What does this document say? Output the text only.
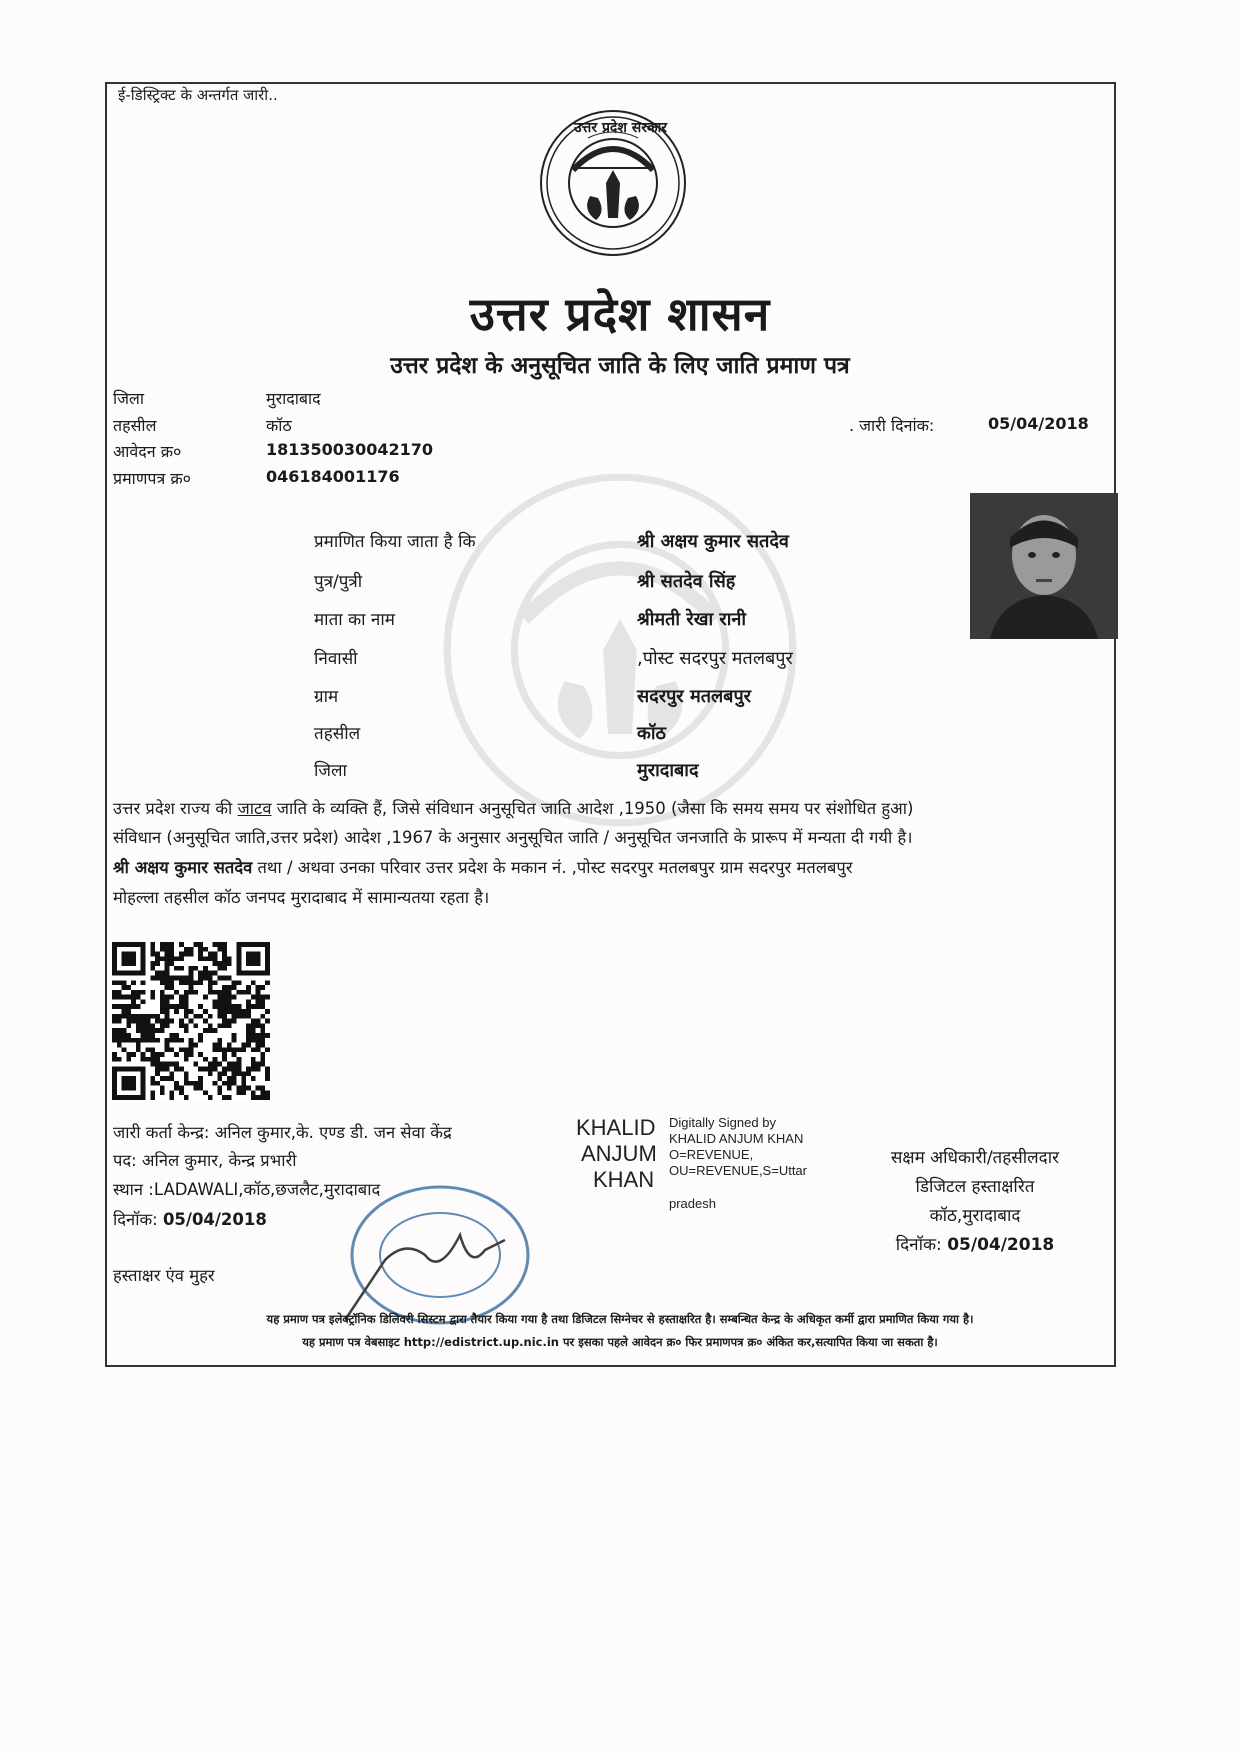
ई-डिस्ट्रिक्ट के अन्तर्गत जारी..
उत्तर प्रदेश सरकार
उत्तर प्रदेश शासन
उत्तर प्रदेश के अनुसूचित जाति के लिए जाति प्रमाण पत्र
जिला	मुरादाबाद
तहसील	कॉठ
आवेदन क्र०	181350030042170
प्रमाणपत्र क्र०	046184001176
. जारी दिनांक:	05/04/2018
प्रमाणित किया जाता है कि	श्री अक्षय कुमार सतदेव
पुत्र/पुत्री	श्री सतदेव सिंह
माता का नाम	श्रीमती रेखा रानी
निवासी	,पोस्ट सदरपुर मतलबपुर
ग्राम	सदरपुर मतलबपुर
तहसील	कॉठ
जिला	मुरादाबाद
उत्तर प्रदेश राज्य की जाटव जाति के व्यक्ति हैं, जिसे संविधान अनुसूचित जाति आदेश ,1950 (जैसा कि समय समय पर संशोधित हुआ)
संविधान (अनुसूचित जाति,उत्तर प्रदेश) आदेश ,1967 के अनुसार अनुसूचित जाति / अनुसूचित जनजाति के प्रारूप में मन्यता दी गयी है।
श्री अक्षय कुमार सतदेव तथा / अथवा उनका परिवार उत्तर प्रदेश के मकान नं. ,पोस्ट सदरपुर मतलबपुर ग्राम सदरपुर मतलबपुर
मोहल्ला तहसील कॉठ जनपद मुरादाबाद में सामान्यतया रहता है।
जारी कर्ता केन्द्र: अनिल कुमार,के. एण्ड डी. जन सेवा केंद्र
पद: अनिल कुमार, केन्द्र प्रभारी
स्थान :LADAWALI,कॉठ,छजलैट,मुरादाबाद
दिनॉक: 05/04/2018
हस्ताक्षर एंव मुहर
KHALID
ANJUM
KHAN
Digitally Signed by
KHALID ANJUM KHAN
O=REVENUE,
OU=REVENUE,S=Uttar
pradesh
सक्षम अधिकारी/तहसीलदार
डिजिटल हस्ताक्षरित
कॉठ,मुरादाबाद
दिनॉक: 05/04/2018
यह प्रमाण पत्र इलेक्ट्रॉनिक डिलिवरी सिस्टम द्वारा तैयार किया गया है तथा डिजिटल सिग्नेचर से हस्ताक्षरित है। सम्बन्धित केन्द्र के अधिकृत कर्मी द्वारा प्रमाणित किया गया है।
यह प्रमाण पत्र वेबसाइट http://edistrict.up.nic.in पर इसका पहले आवेदन क्र० फिर प्रमाणपत्र क्र० अंकित कर,सत्यापित किया जा सकता है।
